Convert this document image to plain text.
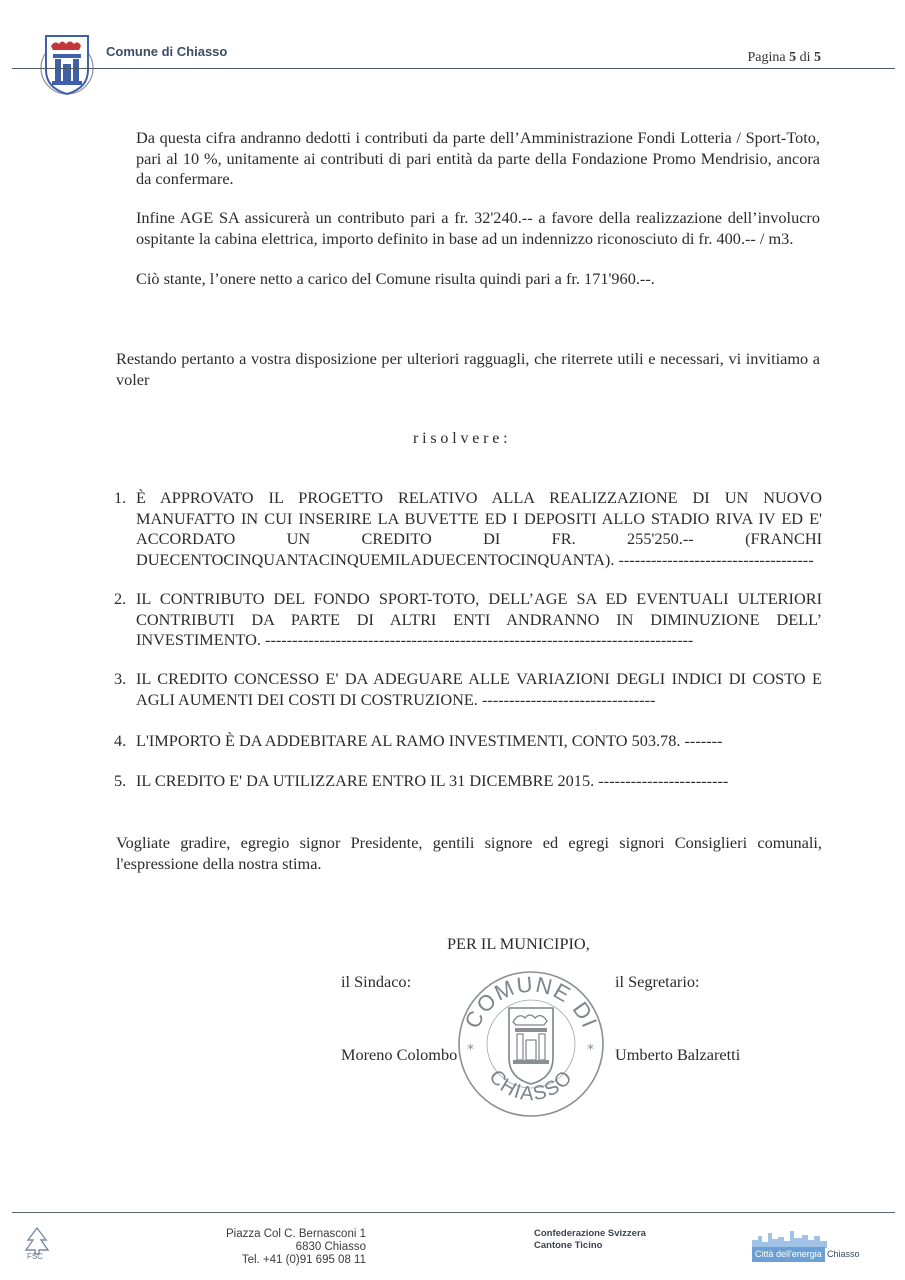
Comune di Chiasso	Pagina 5 di 5

Da questa cifra andranno dedotti i contributi da parte dell’Amministrazione Fondi Lotteria / Sport-Toto, pari al 10 %, unitamente ai contributi di pari entità da parte della Fondazione Promo Mendrisio, ancora da confermare.

Infine AGE SA assicurerà un contributo pari a fr. 32'240.-- a favore della realizzazione dell’involucro ospitante la cabina elettrica, importo definito in base ad un indennizzo riconosciuto di fr. 400.-- / m3.

Ciò stante, l’onere netto a carico del Comune risulta quindi pari a fr. 171'960.--.

Restando pertanto a vostra disposizione per ulteriori ragguagli, che riterrete utili e necessari, vi invitiamo a voler

risolvere:
1. È APPROVATO IL PROGETTO RELATIVO ALLA REALIZZAZIONE DI UN NUOVO MANUFATTO IN CUI INSERIRE LA BUVETTE ED I DEPOSITI ALLO STADIO RIVA IV ED E' ACCORDATO UN CREDITO DI FR. 255'250.-- (FRANCHI DUECENTOCINQUANTACINQUEMILADUECENTOCINQUANTA). ------------------------------------
2. IL CONTRIBUTO DEL FONDO SPORT-TOTO, DELL’AGE SA ED EVENTUALI ULTERIORI CONTRIBUTI DA PARTE DI ALTRI ENTI ANDRANNO IN DIMINUZIONE DELL’ INVESTIMENTO. -------------------------------------------------------------------------------
3. IL CREDITO CONCESSO E' DA ADEGUARE ALLE VARIAZIONI DEGLI INDICI DI COSTO E AGLI AUMENTI DEI COSTI DI COSTRUZIONE. --------------------------------
4. L'IMPORTO È DA ADDEBITARE AL RAMO INVESTIMENTI, CONTO 503.78. -------
5. IL CREDITO E' DA UTILIZZARE ENTRO IL 31 DICEMBRE 2015. ------------------------

Vogliate gradire, egregio signor Presidente, gentili signore ed egregi signori Consiglieri comunali, l'espressione della nostra stima.

PER IL MUNICIPIO,
il Sindaco:	il Segretario:
COMUNE DI
CHIASSO
*	*
Moreno Colombo	Umberto Balzaretti
FSC
Piazza Col C. Bernasconi 1
6830 Chiasso
Tel. +41 (0)91 695 08 11
Confederazione Svizzera
Cantone Ticino
Città dell'energia Chiasso
